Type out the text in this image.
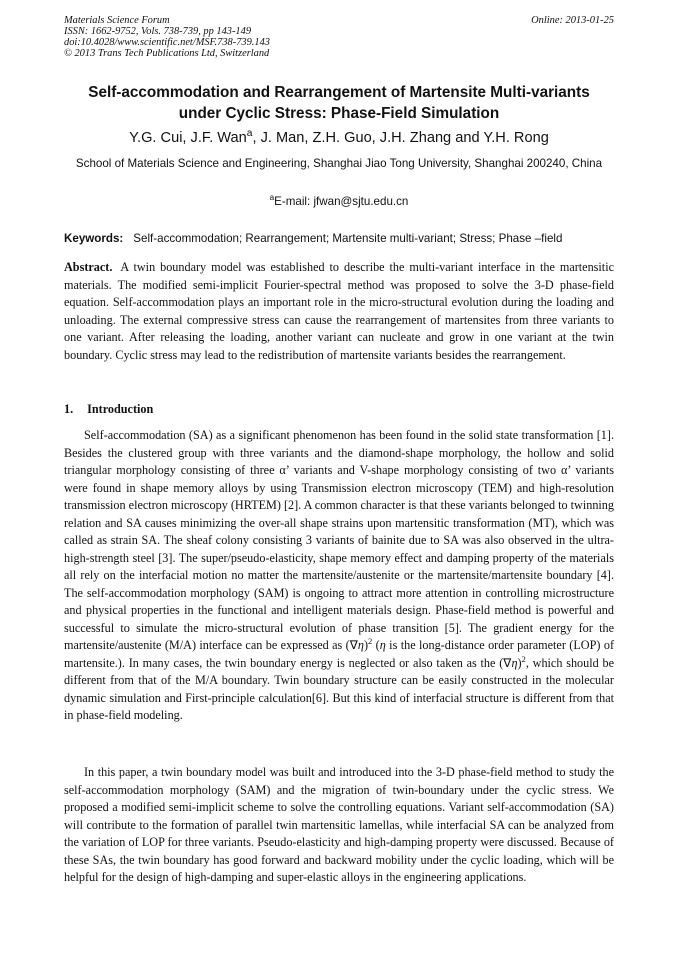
Materials Science Forum
ISSN: 1662-9752, Vols. 738-739, pp 143-149
doi:10.4028/www.scientific.net/MSF.738-739.143
© 2013 Trans Tech Publications Ltd, Switzerland
Online: 2013-01-25
Self-accommodation and Rearrangement of Martensite Multi-variants
under Cyclic Stress: Phase-Field Simulation
Y.G. Cui, J.F. Wan$^a$, J. Man, Z.H. Guo, J.H. Zhang and Y.H. Rong
School of Materials Science and Engineering, Shanghai Jiao Tong University, Shanghai 200240, China
$^a$E-mail: jfwan@sjtu.edu.cn
Keywords: Self-accommodation; Rearrangement; Martensite multi-variant; Stress; Phase –field
Abstract. A twin boundary model was established to describe the multi-variant interface in the martensitic materials. The modified semi-implicit Fourier-spectral method was proposed to solve the 3-D phase-field equation. Self-accommodation plays an important role in the micro-structural evolution during the loading and unloading. The external compressive stress can cause the rearrangement of martensites from three variants to one variant. After releasing the loading, another variant can nucleate and grow in one variant at the twin boundary. Cyclic stress may lead to the redistribution of martensite variants besides the rearrangement.
1. Introduction
Self-accommodation (SA) as a significant phenomenon has been found in the solid state transformation [1]. Besides the clustered group with three variants and the diamond-shape morphology, the hollow and solid triangular morphology consisting of three α’ variants and V-shape morphology consisting of two α’ variants were found in shape memory alloys by using Transmission electron microscopy (TEM) and high-resolution transmission electron microscopy (HRTEM) [2]. A common character is that these variants belonged to twinning relation and SA causes minimizing the over-all shape strains upon martensitic transformation (MT), which was called as strain SA. The sheaf colony consisting 3 variants of bainite due to SA was also observed in the ultra-high-strength steel [3]. The super/pseudo-elasticity, shape memory effect and damping property of the materials all rely on the interfacial motion no matter the martensite/austenite or the martensite/martensite boundary [4]. The self-accommodation morphology (SAM) is ongoing to attract more attention in controlling microstructure and physical properties in the functional and intelligent materials design. Phase-field method is powerful and successful to simulate the micro-structural evolution of phase transition [5]. The gradient energy for the martensite/austenite (M/A) interface can be expressed as $(\nabla\eta)^2$ (η is the long-distance order parameter (LOP) of martensite.). In many cases, the twin boundary energy is neglected or also taken as the $(\nabla\eta)^2$, which should be different from that of the M/A boundary. Twin boundary structure can be easily constructed in the molecular dynamic simulation and First-principle calculation[6]. But this kind of interfacial structure is different from that in phase-field modeling.
In this paper, a twin boundary model was built and introduced into the 3-D phase-field method to study the self-accommodation morphology (SAM) and the migration of twin-boundary under the cyclic stress. We proposed a modified semi-implicit scheme to solve the controlling equations. Variant self-accommodation (SA) will contribute to the formation of parallel twin martensitic lamellas, while interfacial SA can be analyzed from the variation of LOP for three variants. Pseudo-elasticity and high-damping property were discussed. Because of these SAs, the twin boundary has good forward and backward mobility under the cyclic loading, which will be helpful for the design of high-damping and super-elastic alloys in the engineering applications.
